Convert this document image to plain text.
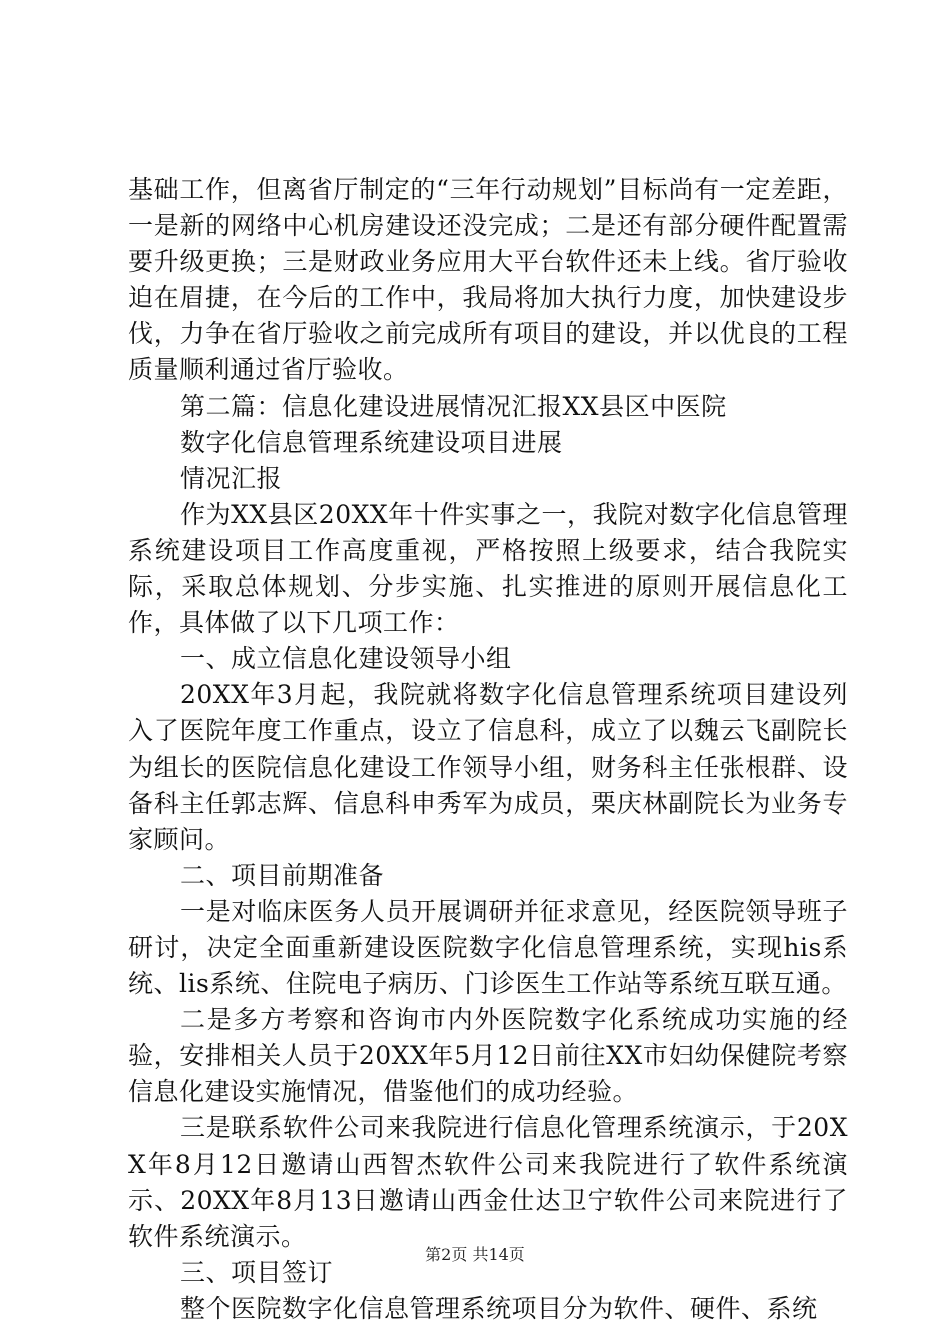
基础工作，但离省厅制定的“三年行动规划”目标尚有一定差距，一是新的网络中心机房建设还没完成；二是还有部分硬件配置需要升级更换；三是财政业务应用大平台软件还未上线。省厅验收迫在眉捷，在今后的工作中，我局将加大执行力度，加快建设步伐，力争在省厅验收之前完成所有项目的建设，并以优良的工程质量顺利通过省厅验收。

第二篇：信息化建设进展情况汇报XX县区中医院

数字化信息管理系统建设项目进展

情况汇报

作为XX县区20XX年十件实事之一，我院对数字化信息管理系统建设项目工作高度重视，严格按照上级要求，结合我院实际，采取总体规划、分步实施、扎实推进的原则开展信息化工作，具体做了以下几项工作：

一、成立信息化建设领导小组

20XX年3月起，我院就将数字化信息管理系统项目建设列入了医院年度工作重点，设立了信息科，成立了以魏云飞副院长为组长的医院信息化建设工作领导小组，财务科主任张根群、设备科主任郭志辉、信息科申秀军为成员，栗庆林副院长为业务专家顾问。

二、项目前期准备

一是对临床医务人员开展调研并征求意见，经医院领导班子研讨，决定全面重新建设医院数字化信息管理系统，实现his系统、lis系统、住院电子病历、门诊医生工作站等系统互联互通。

二是多方考察和咨询市内外医院数字化系统成功实施的经验，安排相关人员于20XX年5月12日前往XX市妇幼保健院考察信息化建设实施情况，借鉴他们的成功经验。

三是联系软件公司来我院进行信息化管理系统演示，于20XX年8月12日邀请山西智杰软件公司来我院进行了软件系统演示、20XX年8月13日邀请山西金仕达卫宁软件公司来院进行了软件系统演示。

三、项目签订

整个医院数字化信息管理系统项目分为软件、硬件、系统

第2页 共14页
